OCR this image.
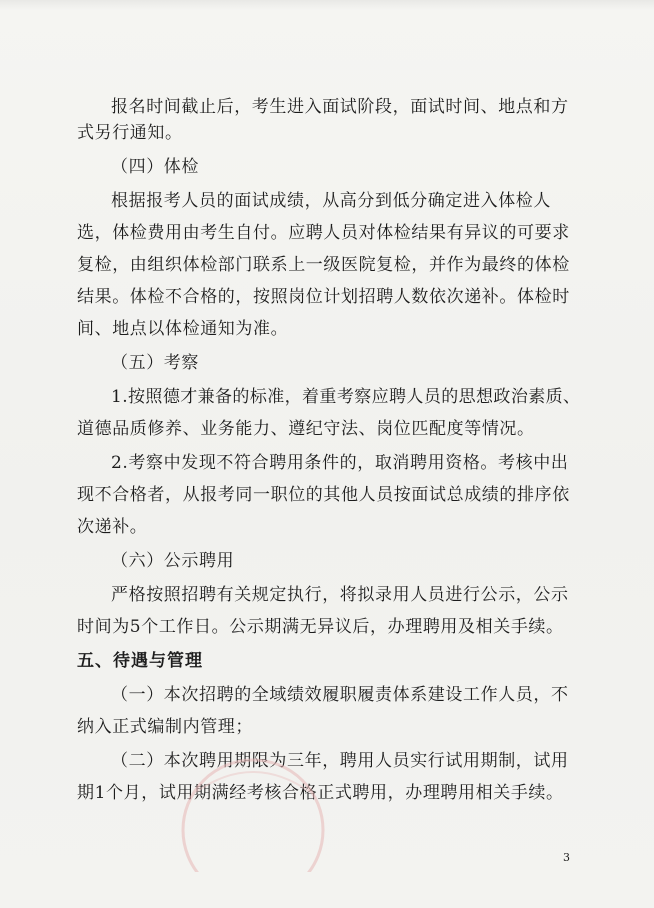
报名时间截止后，考生进入面试阶段，面试时间、地点和方
式另行通知。
（四）体检
根据报考人员的面试成绩，从高分到低分确定进入体检人
选，体检费用由考生自付。应聘人员对体检结果有异议的可要求
复检，由组织体检部门联系上一级医院复检，并作为最终的体检
结果。体检不合格的，按照岗位计划招聘人数依次递补。体检时
间、地点以体检通知为准。
（五）考察
1.按照德才兼备的标准，着重考察应聘人员的思想政治素质、
道德品质修养、业务能力、遵纪守法、岗位匹配度等情况。
2.考察中发现不符合聘用条件的，取消聘用资格。考核中出
现不合格者，从报考同一职位的其他人员按面试总成绩的排序依
次递补。
（六）公示聘用
严格按照招聘有关规定执行，将拟录用人员进行公示，公示
时间为5个工作日。公示期满无异议后，办理聘用及相关手续。
五、待遇与管理
（一）本次招聘的全域绩效履职履责体系建设工作人员，不
纳入正式编制内管理；
（二）本次聘用期限为三年，聘用人员实行试用期制，试用
期1个月，试用期满经考核合格正式聘用，办理聘用相关手续。
3
